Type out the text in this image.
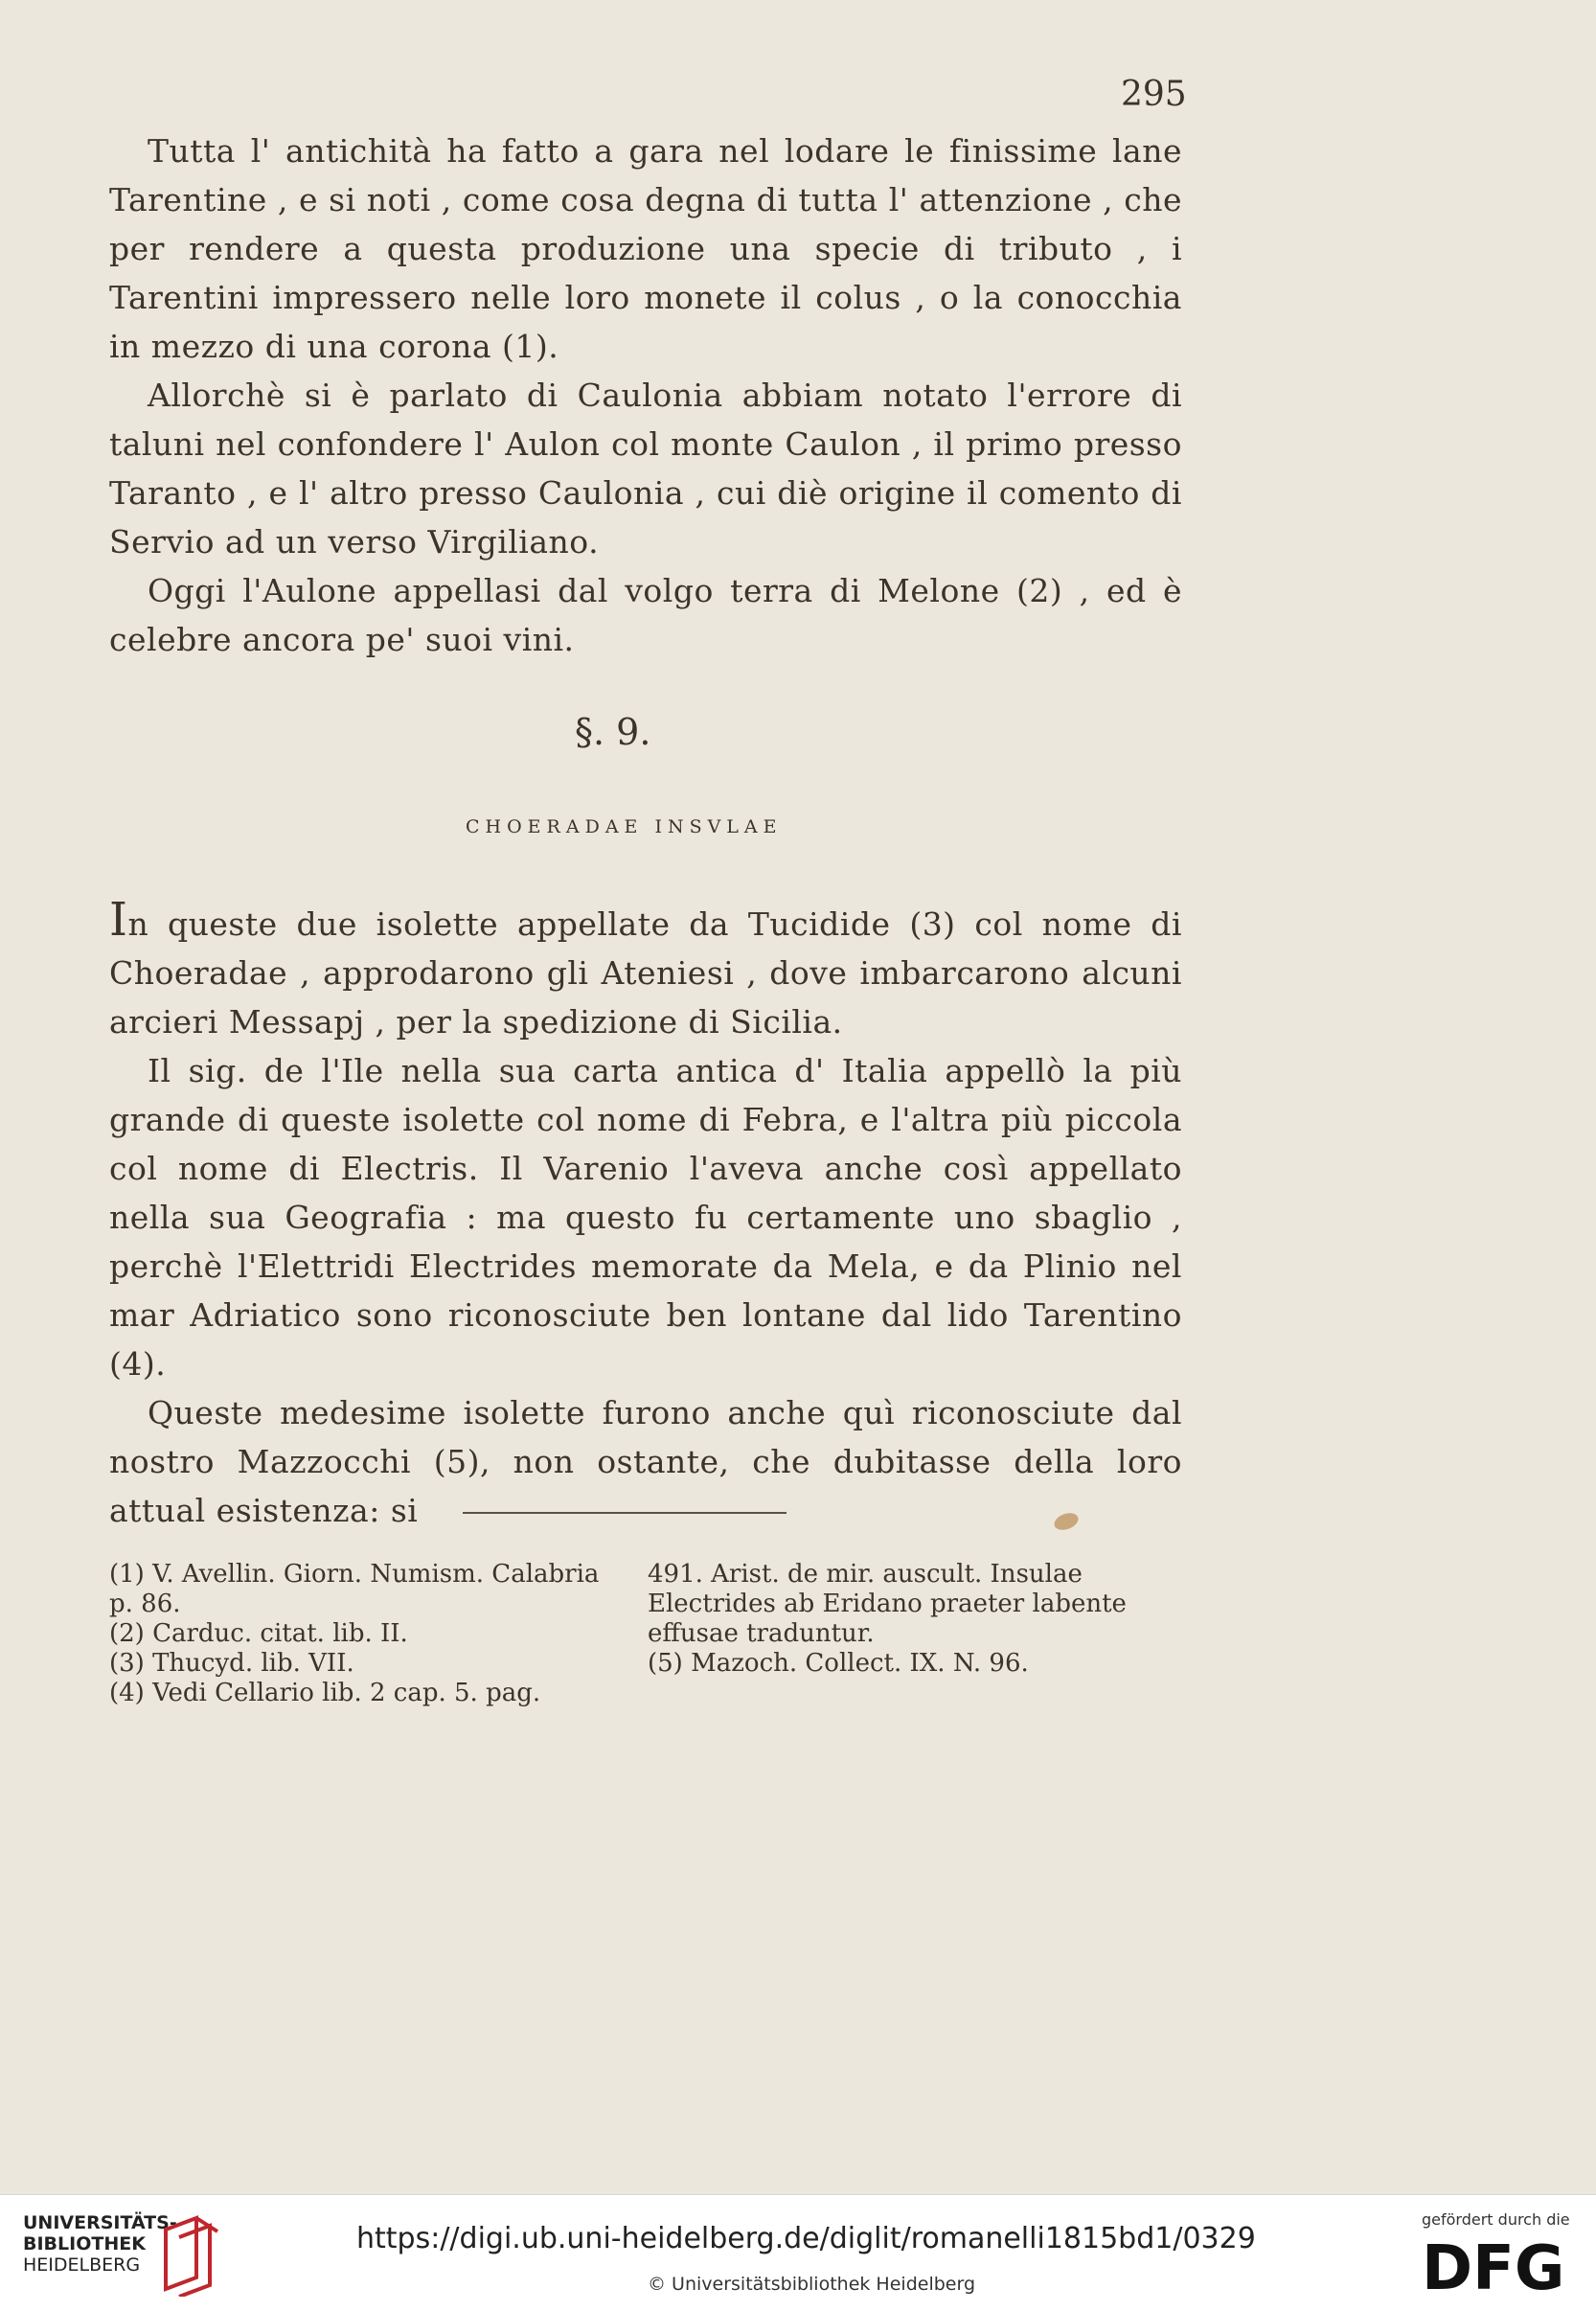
295

Tutta l' antichità ha fatto a gara nel lodare le finissime lane Tarentine , e si noti , come cosa degna di tutta l' attenzione , che per rendere a questa produzione una specie di tributo , i Tarentini impressero nelle loro monete il colus , o la conocchia in mezzo di una corona (1).

Allorchè si è parlato di Caulonia abbiam notato l'errore di taluni nel confondere l' Aulon col monte Caulon , il primo presso Taranto , e l' altro presso Caulonia , cui diè origine il comento di Servio ad un verso Virgiliano.

Oggi l'Aulone appellasi dal volgo terra di Melone (2) , ed è celebre ancora pe' suoi vini.

§. 9.
CHOERADAE INSVLAE

In queste due isolette appellate da Tucidide (3) col nome di Choeradae , approdarono gli Ateniesi , dove imbarcarono alcuni arcieri Messapj , per la spedizione di Sicilia.

Il sig. de l'Ile nella sua carta antica d' Italia appellò la più grande di queste isolette col nome di Febra, e l'altra più piccola col nome di Electris. Il Varenio l'aveva anche così appellato nella sua Geografia : ma questo fu certamente uno sbaglio , perchè l'Elettridi Electrides memorate da Mela, e da Plinio nel mar Adriatico sono riconosciute ben lontane dal lido Tarentino (4).

Queste medesime isolette furono anche quì riconosciute dal nostro Mazzocchi (5), non ostante, che dubitasse della loro attual esistenza: si

(1) V. Avellin. Giorn. Numism. Calabria p. 86.

(2) Carduc. citat. lib. II.

(3) Thucyd. lib. VII.

(4) Vedi Cellario lib. 2 cap. 5. pag.

491. Arist. de mir. auscult. Insulae Electrides ab Eridano praeter labente effusae traduntur.

(5) Mazoch. Collect. IX. N. 96.

UNIVERSITÄTS-
BIBLIOTHEK
HEIDELBERG
https://digi.ub.uni-heidelberg.de/diglit/romanelli1815bd1/0329
© Universitätsbibliothek Heidelberg
gefördert durch die
DFG
